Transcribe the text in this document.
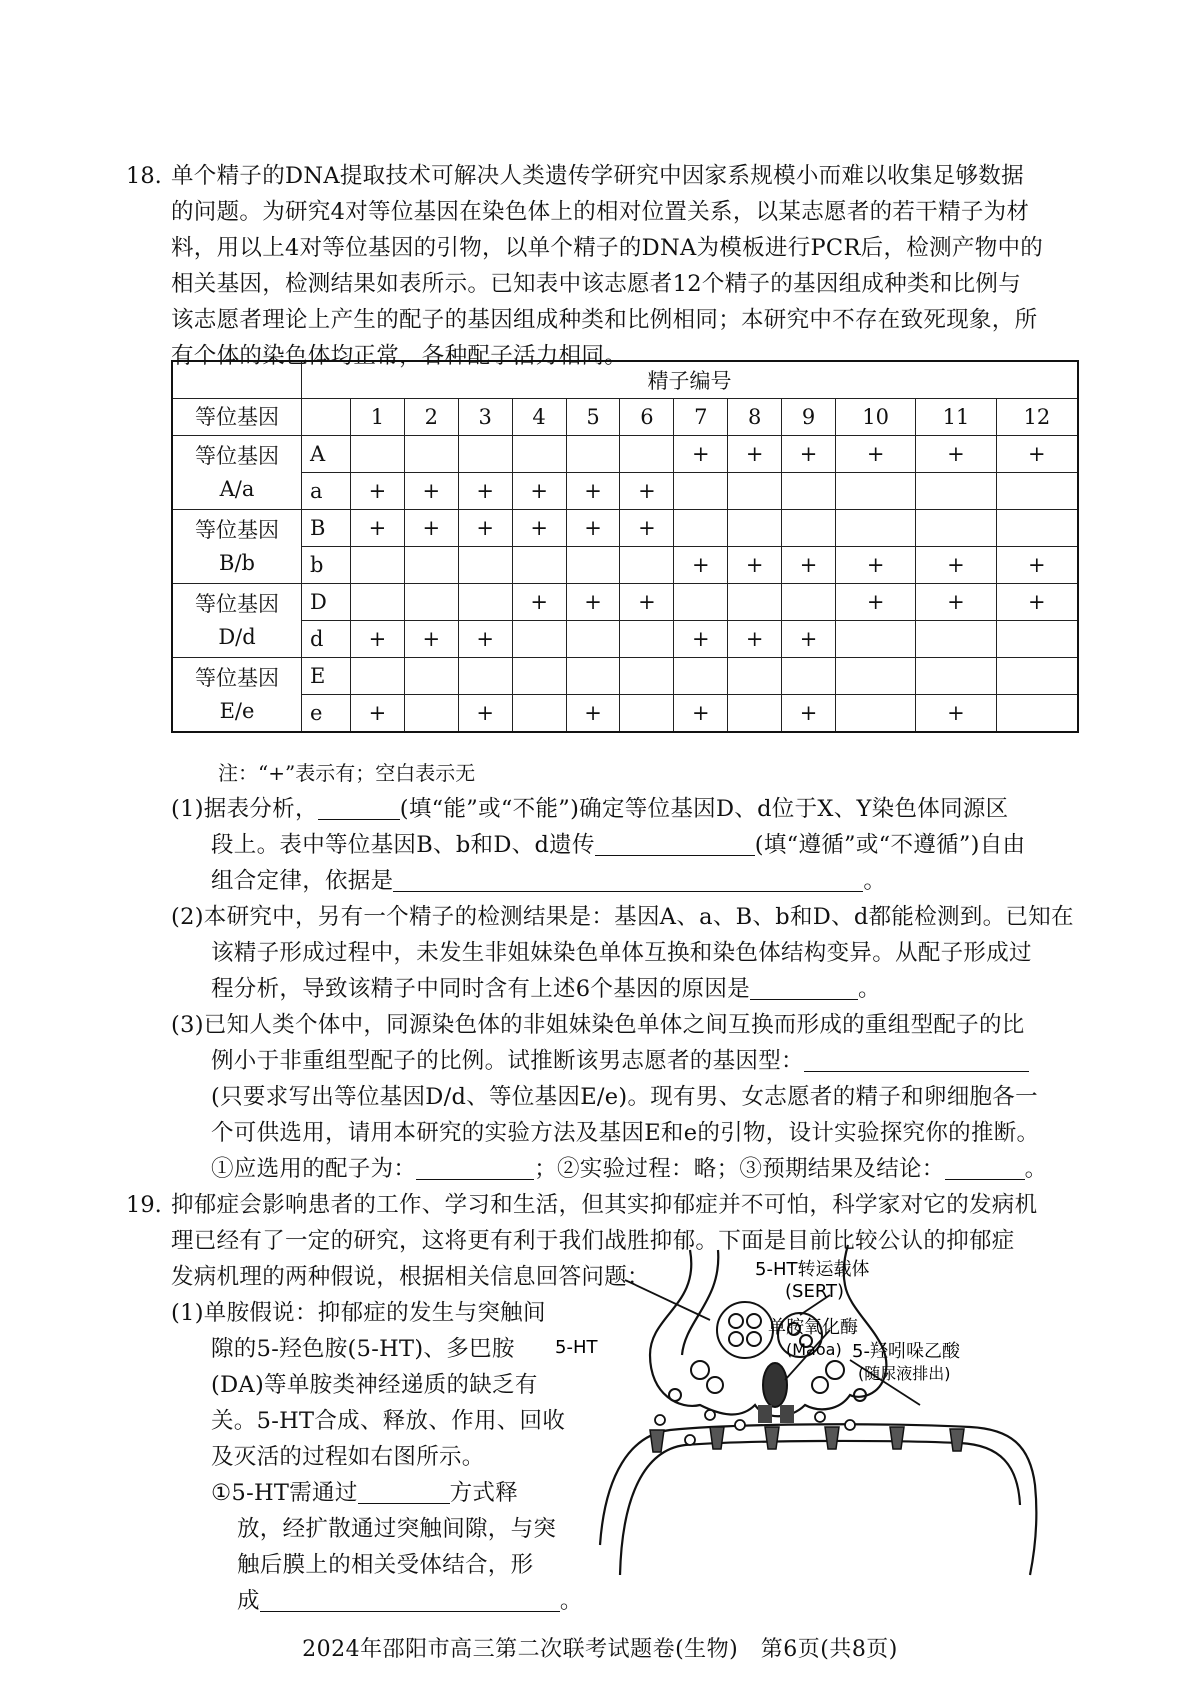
18. 单个精子的DNA提取技术可解决人类遗传学研究中因家系规模小而难以收集足够数据
的问题。为研究4对等位基因在染色体上的相对位置关系，以某志愿者的若干精子为材
料，用以上4对等位基因的引物，以单个精子的DNA为模板进行PCR后，检测产物中的
相关基因，检测结果如表所示。已知表中该志愿者12个精子的基因组成种类和比例与
该志愿者理论上产生的配子的基因组成种类和比例相同；本研究中不存在致死现象，所
有个体的染色体均正常，各种配子活力相同。
	精子编号												
等位基因		1	2	3	4	5	6	7	8	9	10	11	12

等位基因
A/a	A							+	+	+	+	+	+
	a	+	+	+	+	+	+						

等位基因
B/b	B	+	+	+	+	+	+						
	b							+	+	+	+	+	+

等位基因
D/d	D				+	+	+				+	+	+
	d	+	+	+				+	+	+			

等位基因
E/e	E												
	e	+		+		+		+		+		+	
注：“+”表示有；空白表示无
(1)据表分析，	(填“能”或“不能”)确定等位基因D、d位于X、Y染色体同源区
段上。表中等位基因B、b和D、d遗传	(填“遵循”或“不遵循”)自由
组合定律，依据是	。
(2)本研究中，另有一个精子的检测结果是：基因A、a、B、b和D、d都能检测到。已知在
该精子形成过程中，未发生非姐妹染色单体互换和染色体结构变异。从配子形成过
程分析，导致该精子中同时含有上述6个基因的原因是	。
(3)已知人类个体中，同源染色体的非姐妹染色单体之间互换而形成的重组型配子的比
例小于非重组型配子的比例。试推断该男志愿者的基因型：
(只要求写出等位基因D/d、等位基因E/e)。现有男、女志愿者的精子和卵细胞各一
个可供选用，请用本研究的实验方法及基因E和e的引物，设计实验探究你的推断。
①应选用的配子为：	；②实验过程：略；③预期结果及结论：	。
19. 抑郁症会影响患者的工作、学习和生活，但其实抑郁症并不可怕，科学家对它的发病机
理已经有了一定的研究，这将更有利于我们战胜抑郁。下面是目前比较公认的抑郁症
发病机理的两种假说，根据相关信息回答问题：
(1)单胺假说：抑郁症的发生与突触间
隙的5-羟色胺(5-HT)、多巴胺
(DA)等单胺类神经递质的缺乏有
关。5-HT合成、释放、作用、回收
及灭活的过程如右图所示。
①5-HT需通过	方式释
放，经扩散通过突触间隙，与突
触后膜上的相关受体结合，形
成	。
5-HT转运载体
(SERT)
单胺氧化酶
(Maoa)
5-HT	5-羟吲哚乙酸
(随尿液排出)
2024年邵阳市高三第二次联考试题卷(生物)　第6页(共8页)
